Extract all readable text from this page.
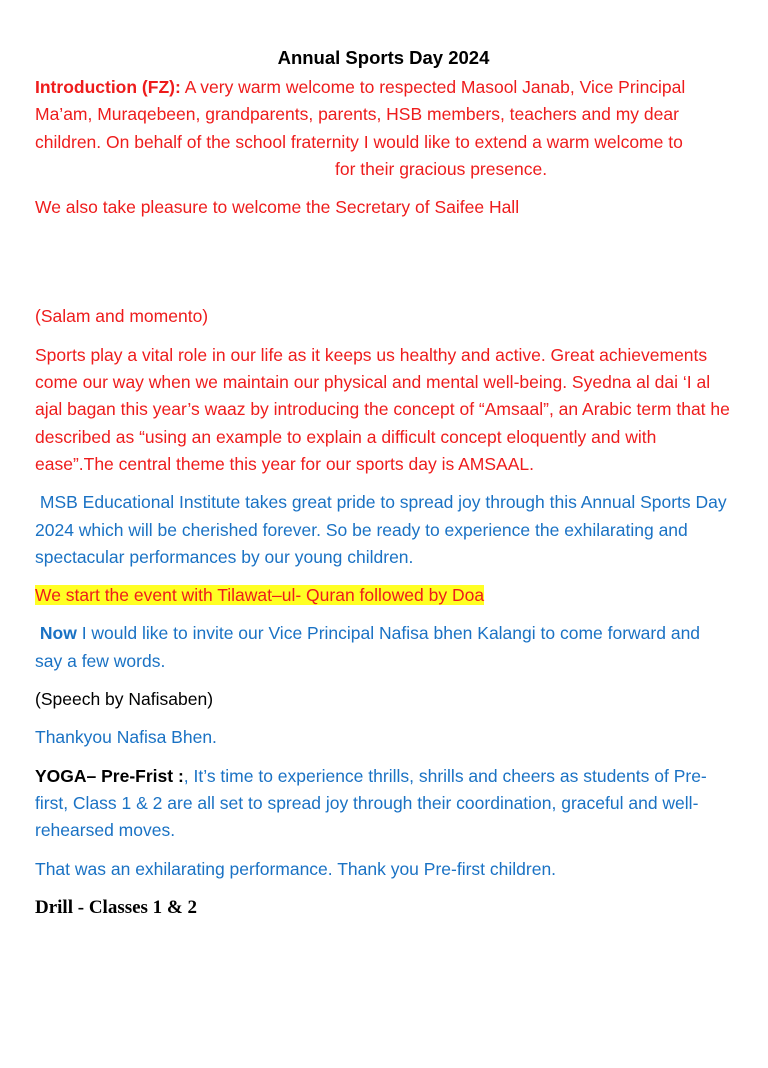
Annual Sports Day 2024

Introduction (FZ): A very warm welcome to respected Masool Janab, Vice Principal Ma’am, Muraqebeen, grandparents, parents, HSB members, teachers and my dear children. On behalf of the school fraternity I would like to extend a warm welcome tofor their gracious presence.

We also take pleasure to welcome the Secretary of Saifee Hall

(Salam and momento)

Sports play a vital role in our life as it keeps us healthy and active. Great achievements come our way when we maintain our physical and mental well-being. Syedna al dai ‘I al ajal bagan this year’s waaz by introducing the concept of “Amsaal”, an Arabic term that he described as “using an example to explain a difficult concept eloquently and with ease”.The central theme this year for our sports day is AMSAAL.

MSB Educational Institute takes great pride to spread joy through this Annual Sports Day 2024 which will be cherished forever. So be ready to experience the exhilarating and spectacular performances by our young children.

We start the event with Tilawat–ul- Quran followed by Doa

Now I would like to invite our Vice Principal Nafisa bhen Kalangi to come forward and say a few words.

(Speech by Nafisaben)

Thankyou Nafisa Bhen.

YOGA– Pre-Frist :, It’s time to experience thrills, shrills and cheers as students of Pre-first, Class 1 & 2 are all set to spread joy through their coordination, graceful and well-rehearsed moves.

That was an exhilarating performance. Thank you Pre-first children.

Drill - Classes 1 & 2
